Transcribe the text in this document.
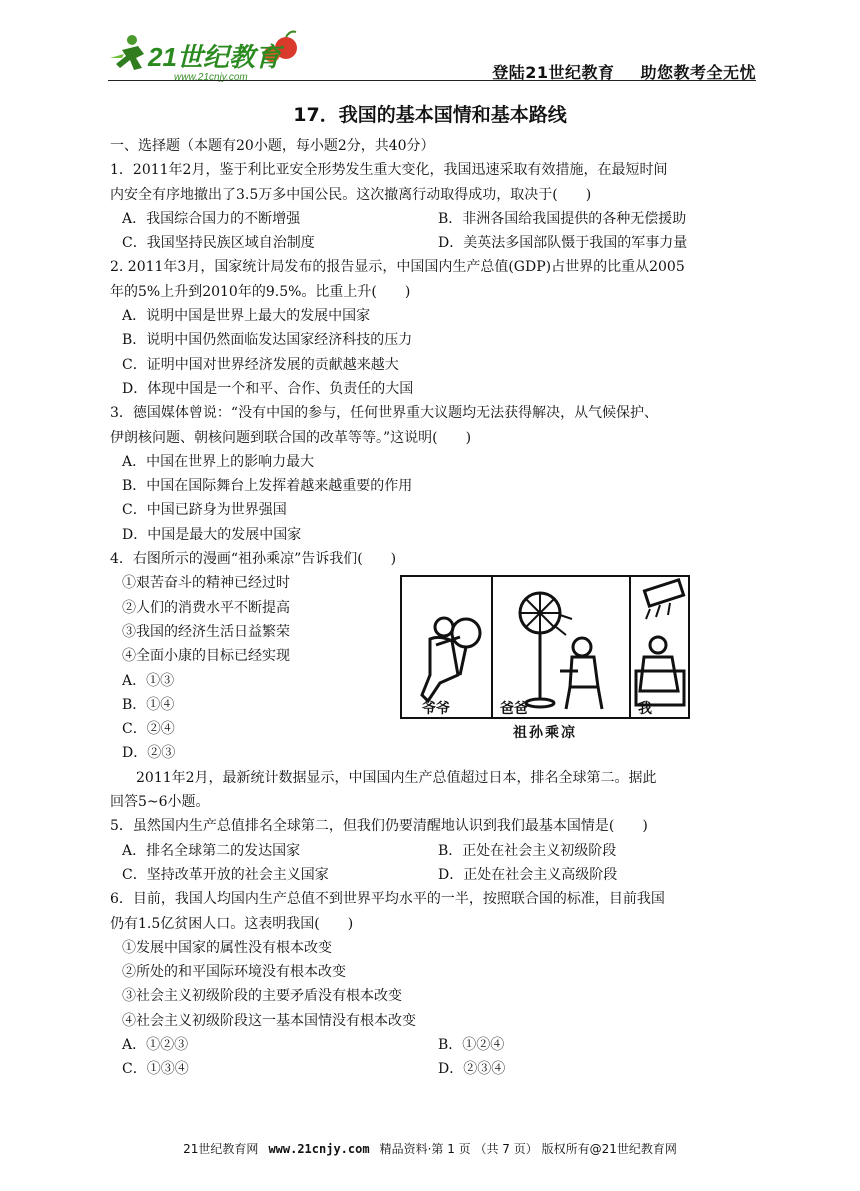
21世纪教育
www.21cnjy.com	登陆21世纪教育 助您教考全无忧
17．我国的基本国情和基本路线
一、选择题（本题有20小题，每小题2分，共40分）
1．2011年2月，鉴于利比亚安全形势发生重大变化，我国迅速采取有效措施，在最短时间
内安全有序地撤出了3.5万多中国公民。这次撤离行动取得成功，取决于(　　)
A．我国综合国力的不断增强	B．非洲各国给我国提供的各种无偿援助
C．我国坚持民族区域自治制度	D．美英法多国部队慑于我国的军事力量
2. 2011年3月，国家统计局发布的报告显示，中国国内生产总值(GDP)占世界的比重从2005
年的5%上升到2010年的9.5%。比重上升(　　)
A．说明中国是世界上最大的发展中国家
B．说明中国仍然面临发达国家经济科技的压力
C．证明中国对世界经济发展的贡献越来越大
D．体现中国是一个和平、合作、负责任的大国
3．德国媒体曾说：“没有中国的参与，任何世界重大议题均无法获得解决，从气候保护、
伊朗核问题、朝核问题到联合国的改革等等。”这说明(　　)
A．中国在世界上的影响力最大
B．中国在国际舞台上发挥着越来越重要的作用
C．中国已跻身为世界强国
D．中国是最大的发展中国家
4．右图所示的漫画“祖孙乘凉”告诉我们(　　)
①艰苦奋斗的精神已经过时
②人们的消费水平不断提高
③我国的经济生活日益繁荣
④全面小康的目标已经实现
A．①③
B．①④
C．②④
D．②③
爷爷	爸爸	我
祖孙乘凉
2011年2月，最新统计数据显示，中国国内生产总值超过日本，排名全球第二。据此
回答5~6小题。
5．虽然国内生产总值排名全球第二，但我们仍要清醒地认识到我们最基本国情是(　　)
A．排名全球第二的发达国家	B．正处在社会主义初级阶段
C．坚持改革开放的社会主义国家	D．正处在社会主义高级阶段
6．目前，我国人均国内生产总值不到世界平均水平的一半，按照联合国的标准，目前我国
仍有1.5亿贫困人口。这表明我国(　　)
①发展中国家的属性没有根本改变
②所处的和平国际环境没有根本改变
③社会主义初级阶段的主要矛盾没有根本改变
④社会主义初级阶段这一基本国情没有根本改变
A．①②③	B．①②④
C．①③④	D．②③④
21世纪教育网 www.21cnjy.com 精品资料·第 1 页 （共 7 页） 版权所有@21世纪教育网
